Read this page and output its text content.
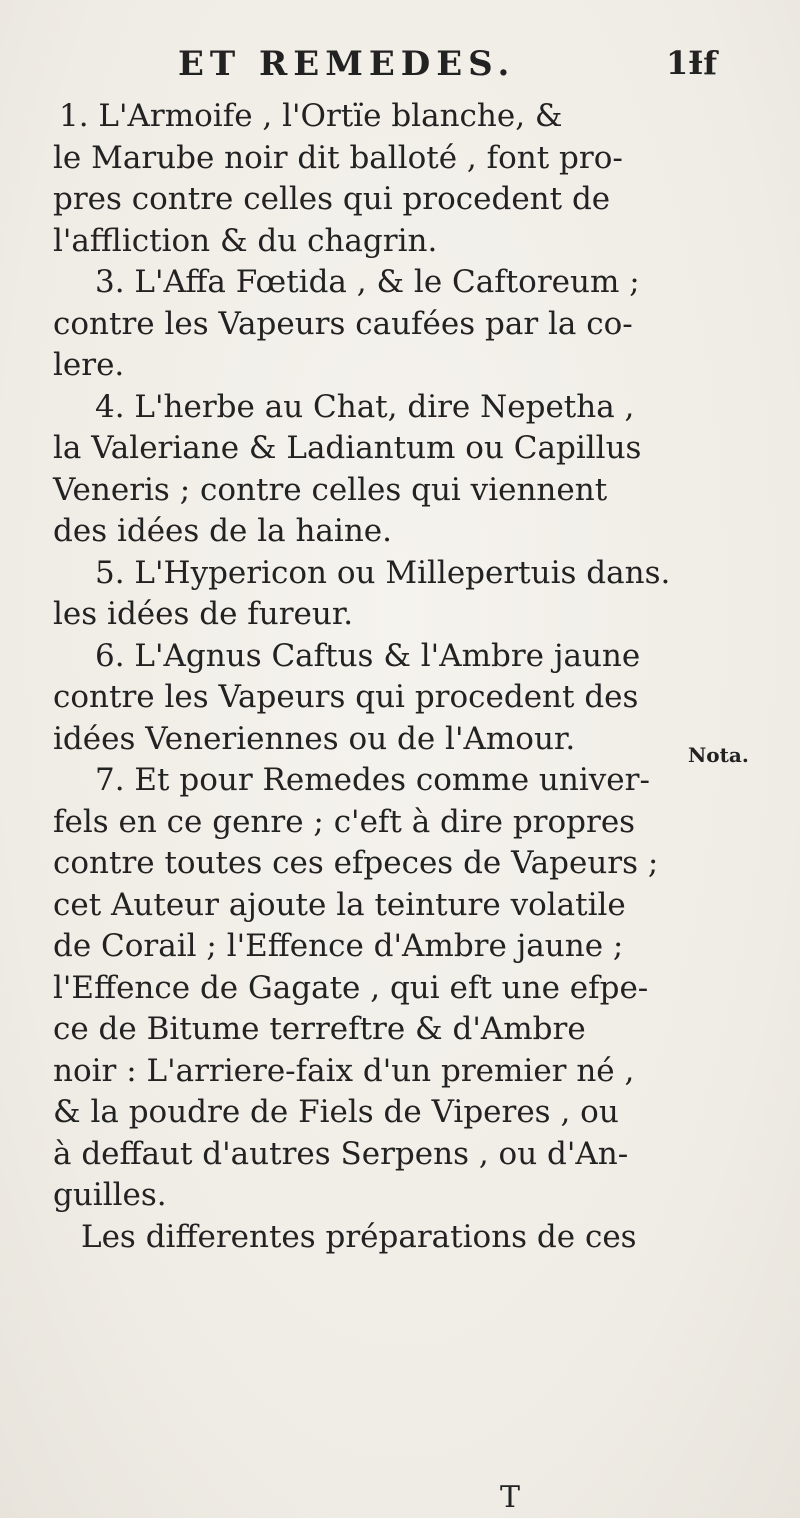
ET REMEDES.	1Ɨf
1. L'Armoife , l'Ortïe blanche, &
le Marube noir dit balloté , font pro-
pres contre celles qui procedent de
l'affliction & du chagrin.
3. L'Affa Fœtida , & le Caftoreum ;
contre les Vapeurs caufées par la co-
lere.
4. L'herbe au Chat, dire Nepetha ,
la Valeriane & Ladiantum ou Capillus
Veneris ; contre celles qui viennent
des idées de la haine.
5. L'Hypericon ou Millepertuis dans.
les idées de fureur.
6. L'Agnus Caftus & l'Ambre jaune
contre les Vapeurs qui procedent des
idées Veneriennes ou de l'Amour.
7. Et pour Remedes comme univer-
fels en ce genre ; c'eft à dire propres
contre toutes ces efpeces de Vapeurs ;
cet Auteur ajoute la teinture volatile
de Corail ; l'Effence d'Ambre jaune ;
l'Effence de Gagate , qui eft une efpe-
ce de Bitume terreftre & d'Ambre
noir : L'arriere-faix d'un premier né ,
& la poudre de Fiels de Viperes , ou
à deffaut d'autres Serpens , ou d'An-
guilles.
Les differentes préparations de ces
Nota.
T
